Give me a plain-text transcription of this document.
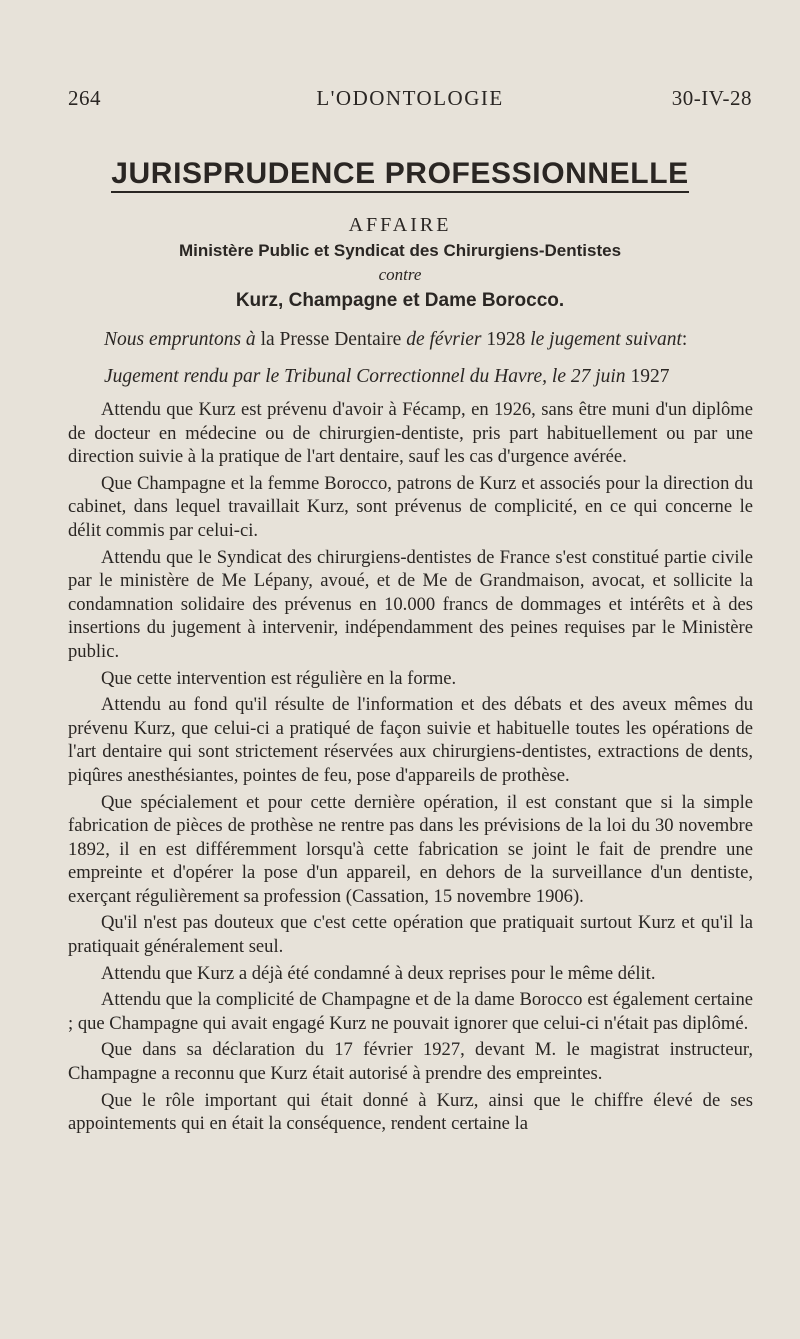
264	L'ODONTOLOGIE	30-IV-28
JURISPRUDENCE PROFESSIONNELLE
AFFAIRE
Ministère Public et Syndicat des Chirurgiens-Dentistes
contre
Kurz, Champagne et Dame Borocco.

Nous empruntons à la Presse Dentaire de février 1928 le jugement suivant:

Jugement rendu par le Tribunal Correctionnel du Havre, le 27 juin 1927

Attendu que Kurz est prévenu d'avoir à Fécamp, en 1926, sans être muni d'un diplôme de docteur en médecine ou de chirurgien-dentiste, pris part habituellement ou par une direction suivie à la pratique de l'art dentaire, sauf les cas d'urgence avérée.

Que Champagne et la femme Borocco, patrons de Kurz et associés pour la direction du cabinet, dans lequel travaillait Kurz, sont prévenus de complicité, en ce qui concerne le délit commis par celui-ci.

Attendu que le Syndicat des chirurgiens-dentistes de France s'est constitué partie civile par le ministère de Me Lépany, avoué, et de Me de Grandmaison, avocat, et sollicite la condamnation solidaire des prévenus en 10.000 francs de dommages et intérêts et à des insertions du jugement à intervenir, indépendamment des peines requises par le Ministère public.

Que cette intervention est régulière en la forme.

Attendu au fond qu'il résulte de l'information et des débats et des aveux mêmes du prévenu Kurz, que celui-ci a pratiqué de façon suivie et habituelle toutes les opérations de l'art dentaire qui sont strictement réservées aux chirurgiens-dentistes, extractions de dents, piqûres anesthésiantes, pointes de feu, pose d'appareils de prothèse.

Que spécialement et pour cette dernière opération, il est constant que si la simple fabrication de pièces de prothèse ne rentre pas dans les prévisions de la loi du 30 novembre 1892, il en est différemment lorsqu'à cette fabrication se joint le fait de prendre une empreinte et d'opérer la pose d'un appareil, en dehors de la surveillance d'un dentiste, exerçant régulièrement sa profession (Cassation, 15 novembre 1906).

Qu'il n'est pas douteux que c'est cette opération que pratiquait surtout Kurz et qu'il la pratiquait généralement seul.

Attendu que Kurz a déjà été condamné à deux reprises pour le même délit.

Attendu que la complicité de Champagne et de la dame Borocco est également certaine ; que Champagne qui avait engagé Kurz ne pouvait ignorer que celui-ci n'était pas diplômé.

Que dans sa déclaration du 17 février 1927, devant M. le magistrat instructeur, Champagne a reconnu que Kurz était autorisé à prendre des empreintes.

Que le rôle important qui était donné à Kurz, ainsi que le chiffre élevé de ses appointements qui en était la conséquence, rendent certaine la
